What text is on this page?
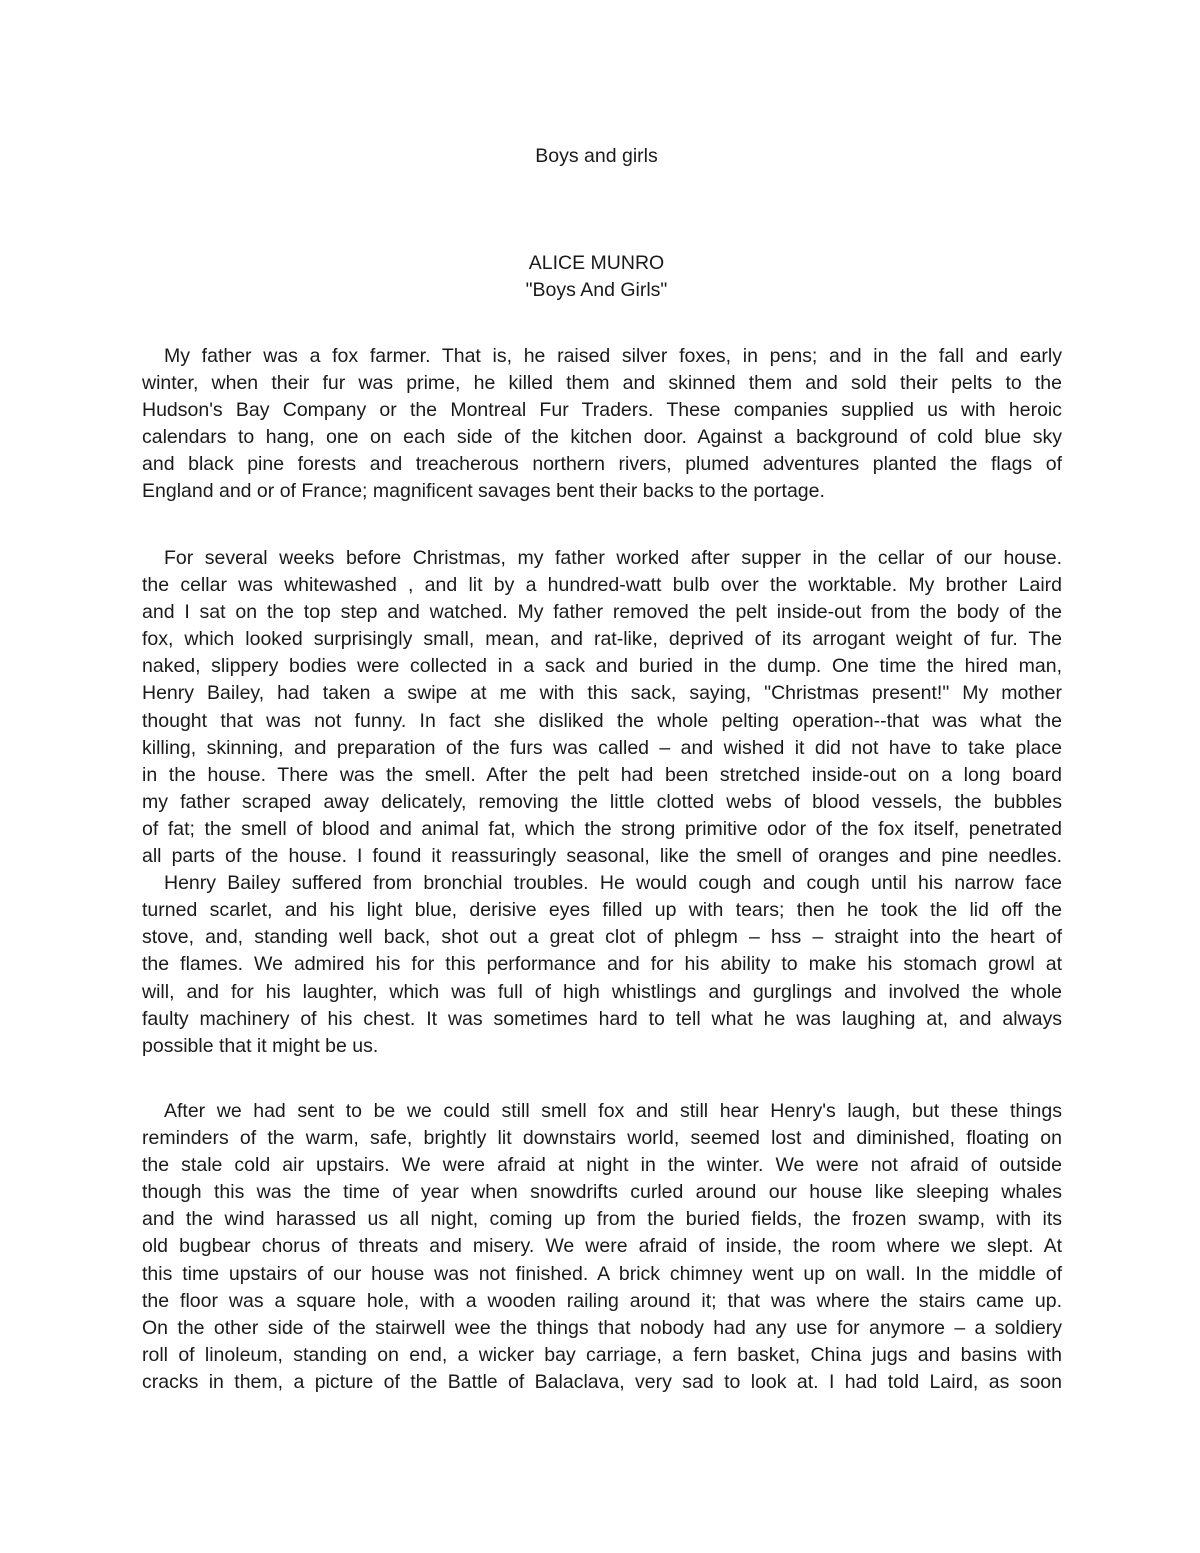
Boys and girls
ALICE MUNRO
"Boys And Girls"
My father was a fox farmer. That is, he raised silver foxes, in pens; and in the fall and early
winter, when their fur was prime, he killed them and skinned them and sold their pelts to the
Hudson's Bay Company or the Montreal Fur Traders. These companies supplied us with heroic
calendars to hang, one on each side of the kitchen door. Against a background of cold blue sky
and black pine forests and treacherous northern rivers, plumed adventures planted the flags of
England and or of France; magnificent savages bent their backs to the portage.
For several weeks before Christmas, my father worked after supper in the cellar of our house.
the cellar was whitewashed , and lit by a hundred-watt bulb over the worktable. My brother Laird
and I sat on the top step and watched. My father removed the pelt inside-out from the body of the
fox, which looked surprisingly small, mean, and rat-like, deprived of its arrogant weight of fur. The
naked, slippery bodies were collected in a sack and buried in the dump. One time the hired man,
Henry Bailey, had taken a swipe at me with this sack, saying, "Christmas present!" My mother
thought that was not funny. In fact she disliked the whole pelting operation--that was what the
killing, skinning, and preparation of the furs was called – and wished it did not have to take place
in the house. There was the smell. After the pelt had been stretched inside-out on a long board
my father scraped away delicately, removing the little clotted webs of blood vessels, the bubbles
of fat; the smell of blood and animal fat, which the strong primitive odor of the fox itself, penetrated
all parts of the house. I found it reassuringly seasonal, like the smell of oranges and pine needles.
Henry Bailey suffered from bronchial troubles. He would cough and cough until his narrow face
turned scarlet, and his light blue, derisive eyes filled up with tears; then he took the lid off the
stove, and, standing well back, shot out a great clot of phlegm – hss – straight into the heart of
the flames. We admired his for this performance and for his ability to make his stomach growl at
will, and for his laughter, which was full of high whistlings and gurglings and involved the whole
faulty machinery of his chest. It was sometimes hard to tell what he was laughing at, and always
possible that it might be us.
After we had sent to be we could still smell fox and still hear Henry's laugh, but these things
reminders of the warm, safe, brightly lit downstairs world, seemed lost and diminished, floating on
the stale cold air upstairs. We were afraid at night in the winter. We were not afraid of outside
though this was the time of year when snowdrifts curled around our house like sleeping whales
and the wind harassed us all night, coming up from the buried fields, the frozen swamp, with its
old bugbear chorus of threats and misery. We were afraid of inside, the room where we slept. At
this time upstairs of our house was not finished. A brick chimney went up on wall. In the middle of
the floor was a square hole, with a wooden railing around it; that was where the stairs came up.
On the other side of the stairwell wee the things that nobody had any use for anymore – a soldiery
roll of linoleum, standing on end, a wicker bay carriage, a fern basket, China jugs and basins with
cracks in them, a picture of the Battle of Balaclava, very sad to look at. I had told Laird, as soon
